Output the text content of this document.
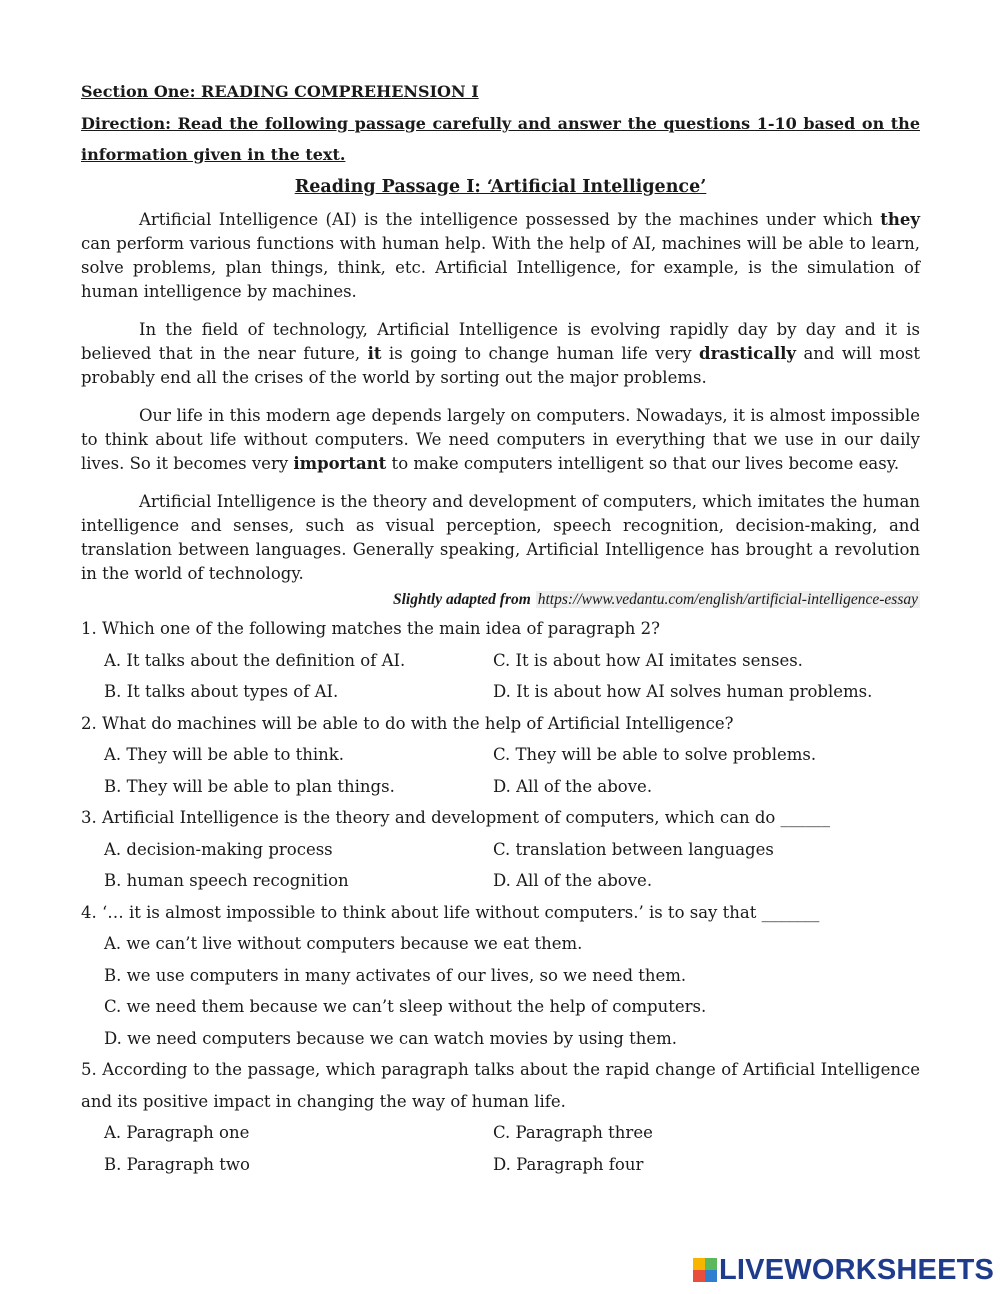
Section One: READING COMPREHENSION I

Direction: Read the following passage carefully and answer the questions 1-10 based on the information given in the text.

Reading Passage I: ‘Artificial Intelligence’

Artificial Intelligence (AI) is the intelligence possessed by the machines under which they can perform various functions with human help. With the help of AI, machines will be able to learn, solve problems, plan things, think, etc. Artificial Intelligence, for example, is the simulation of human intelligence by machines.

In the field of technology, Artificial Intelligence is evolving rapidly day by day and it is believed that in the near future, it is going to change human life very drastically and will most probably end all the crises of the world by sorting out the major problems.

Our life in this modern age depends largely on computers. Nowadays, it is almost impossible to think about life without computers. We need computers in everything that we use in our daily lives. So it becomes very important to make computers intelligent so that our lives become easy.

Artificial Intelligence is the theory and development of computers, which imitates the human intelligence and senses, such as visual perception, speech recognition, decision-making, and translation between languages. Generally speaking, Artificial Intelligence has brought a revolution in the world of technology.

Slightly adapted from https://www.vedantu.com/english/artificial-intelligence-essay

1. Which one of the following matches the main idea of paragraph 2?

A. It talks about the definition of AI.	C. It is about how AI imitates senses.
B. It talks about types of AI.	D. It is about how AI solves human problems.

2. What do machines will be able to do with the help of Artificial Intelligence?

A. They will be able to think.	C. They will be able to solve problems.
B. They will be able to plan things.	D. All of the above.

3. Artificial Intelligence is the theory and development of computers, which can do ______

A. decision-making process	C. translation between languages
B. human speech recognition	D. All of the above.

4. ‘… it is almost impossible to think about life without computers.’ is to say that _______

A. we can’t live without computers because we eat them.
B. we use computers in many activates of our lives, so we need them.
C. we need them because we can’t sleep without the help of computers.
D. we need computers because we can watch movies by using them.

5. According to the passage, which paragraph talks about the rapid change of Artificial Intelligence and its positive impact in changing the way of human life.

A. Paragraph one	C. Paragraph three
B. Paragraph two	D. Paragraph four
LIVEWORKSHEETS
